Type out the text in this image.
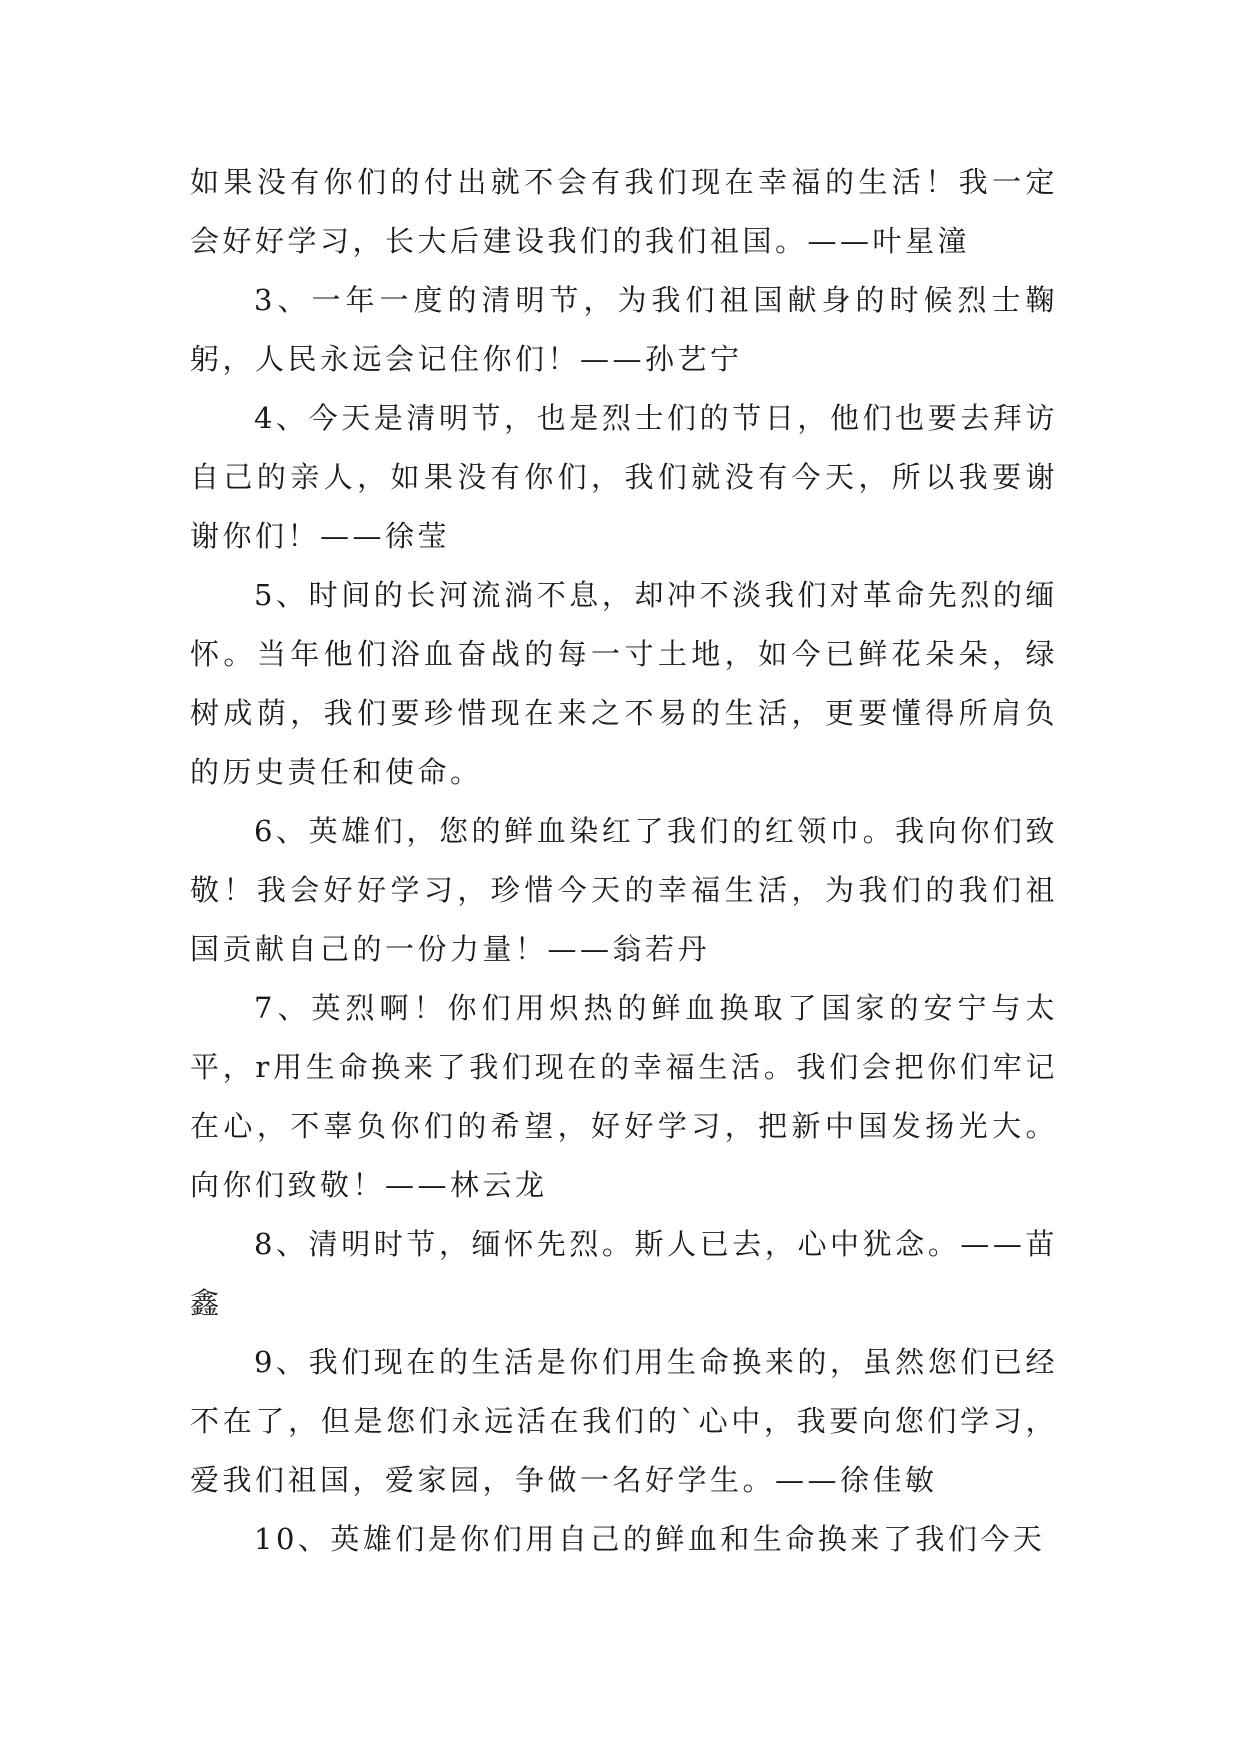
如果没有你们的付出就不会有我们现在幸福的生活！我一定会好好学习，长大后建设我们的我们祖国。——叶星潼

3、一年一度的清明节，为我们祖国献身的时候烈士鞠躬，人民永远会记住你们！——孙艺宁

4、今天是清明节，也是烈士们的节日，他们也要去拜访自己的亲人，如果没有你们，我们就没有今天，所以我要谢谢你们！——徐莹

5、时间的长河流淌不息，却冲不淡我们对革命先烈的缅怀。当年他们浴血奋战的每一寸土地，如今已鲜花朵朵，绿树成荫，我们要珍惜现在来之不易的生活，更要懂得所肩负的历史责任和使命。

6、英雄们，您的鲜血染红了我们的红领巾。我向你们致敬！我会好好学习，珍惜今天的幸福生活，为我们的我们祖国贡献自己的一份力量！——翁若丹

7、英烈啊！你们用炽热的鲜血换取了国家的安宁与太平，r用生命换来了我们现在的幸福生活。我们会把你们牢记在心，不辜负你们的希望，好好学习，把新中国发扬光大。向你们致敬！——林云龙

8、清明时节，缅怀先烈。斯人已去，心中犹念。——苗鑫

9、我们现在的生活是你们用生命换来的，虽然您们已经不在了，但是您们永远活在我们的`心中，我要向您们学习，爱我们祖国，爱家园，争做一名好学生。——徐佳敏

10、英雄们是你们用自己的鲜血和生命换来了我们今天
